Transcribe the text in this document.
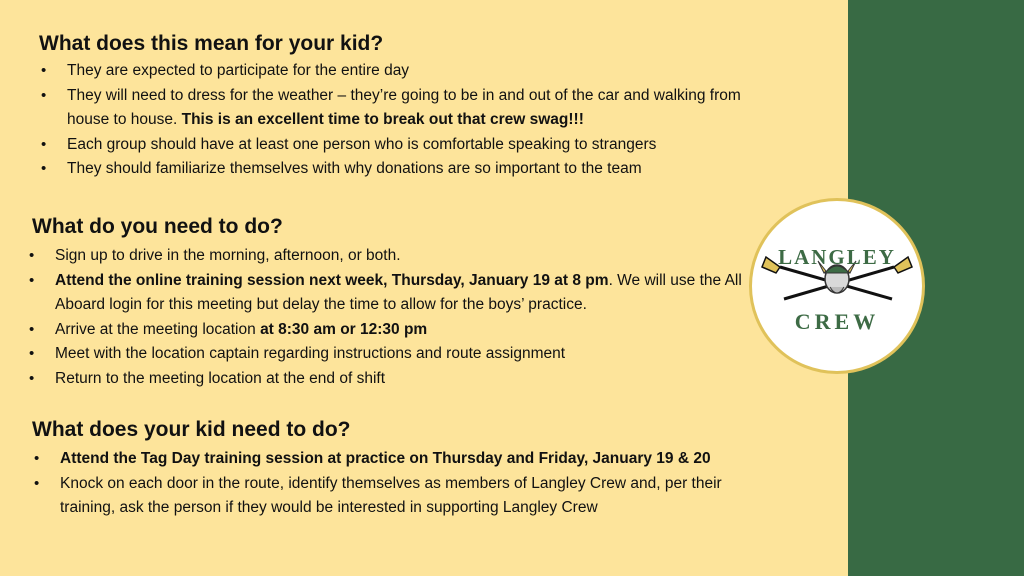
What does this mean for your kid?
• They are expected to participate for the entire day
• They will need to dress for the weather – they’re going to be in and out of the car and walking from house to house. This is an excellent time to break out that crew swag!!!
• Each group should have at least one person who is comfortable speaking to strangers
• They should familiarize themselves with why donations are so important to the team
What do you need to do?
• Sign up to drive in the morning, afternoon, or both.
• Attend the online training session next week, Thursday, January 19 at 8 pm. We will use the All Aboard login for this meeting but delay the time to allow for the boys’ practice.
• Arrive at the meeting location at 8:30 am or 12:30 pm
• Meet with the location captain regarding instructions and route assignment
• Return to the meeting location at the end of shift
What does your kid need to do?
• Attend the Tag Day training session at practice on Thursday and Friday, January 19 & 20
• Knock on each door in the route, identify themselves as members of Langley Crew and, per their training, ask the person if they would be interested in supporting Langley Crew
LANGLEY
CREW
